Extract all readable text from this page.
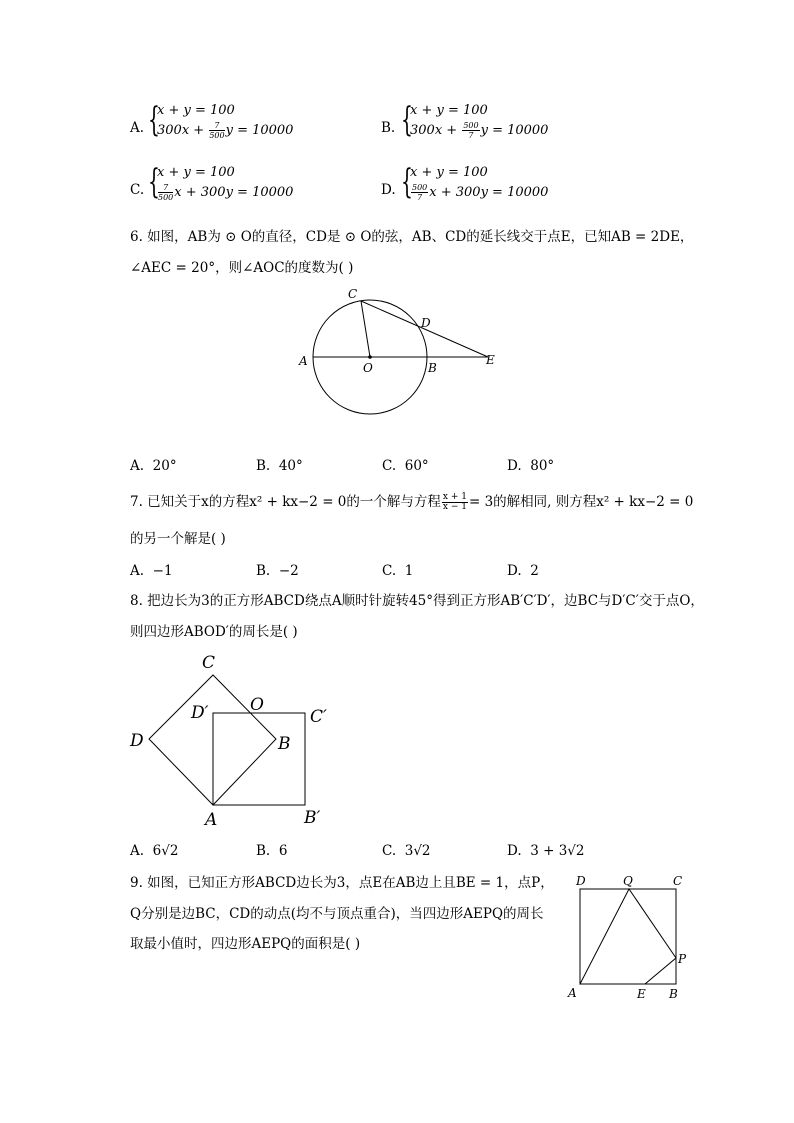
A. {
x + y = 100
$300x + \frac{7}{500}$ y = 10000	B. {
x + y = 100
$300x + \frac{500}{7}$ y = 10000
C. {
x + y = 100
$\frac{7}{500}$ x + 300y = 10000	D. {
x + y = 100
$\frac{500}{7}$ x + 300y = 10000
6. 如图，AB为 ⊙ O的直径，CD是 ⊙ O的弦，AB、CD的延长线交于点E，已知AB = 2DE，
∠AEC = 20°，则∠AOC的度数为( )
A	O	B
C
D
E
A. 20°	B. 40°	C. 60°	D. 80°
7. 已知关于x的方程x² + kx−2 = 0的一个解与方程 $\frac{x + 1}{x - 1} = 3$的解相同, 则方程x² + kx−2 = 0
的另一个解是( )
A. −1	B. −2	C. 1	D. 2
8. 把边长为3的正方形ABCD绕点A顺时针旋转45°得到正方形AB′C′D′，边BC与D′C′交于点O，
则四边形ABOD′的周长是( )
C
D′ O
C′
D	B
A	B′
A. 6√2	B. 6	C. 3√2	D. 3 + 3√2
9. 如图，已知正方形ABCD边长为3，点E在AB边上且BE = 1，点P，
Q分别是边BC，CD的动点(均不与顶点重合)，当四边形AEPQ的周长
取最小值时，四边形AEPQ的面积是( )
D	Q	C
P
A	E B
